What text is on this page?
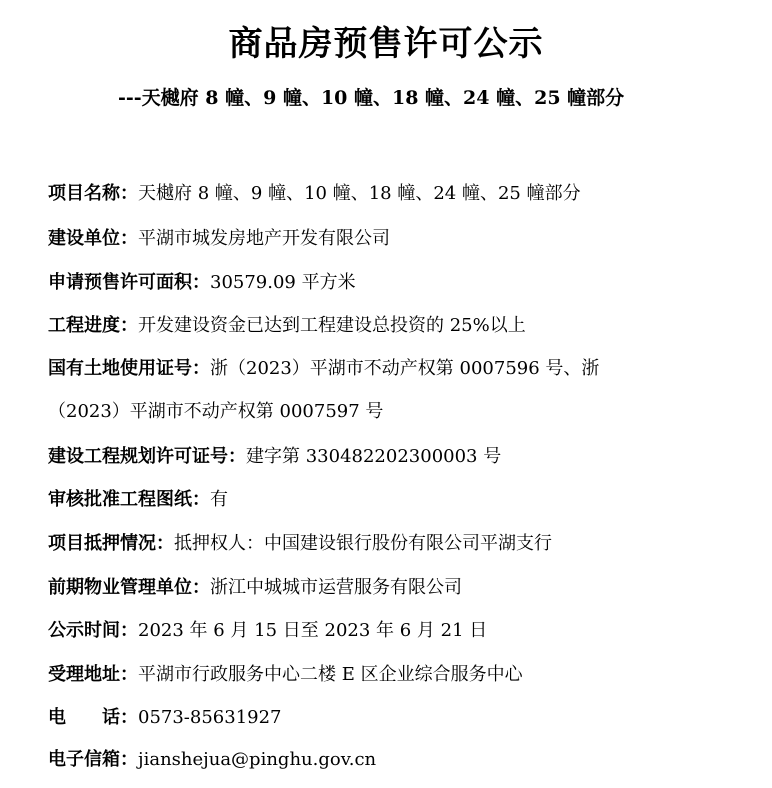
商品房预售许可公示
---天樾府 8 幢、9 幢、10 幢、18 幢、24 幢、25 幢部分
项目名称：天樾府 8 幢、9 幢、10 幢、18 幢、24 幢、25 幢部分
建设单位：平湖市城发房地产开发有限公司
申请预售许可面积：30579.09 平方米
工程进度：开发建设资金已达到工程建设总投资的 25%以上
国有土地使用证号：浙（2023）平湖市不动产权第 0007596 号、浙
（2023）平湖市不动产权第 0007597 号
建设工程规划许可证号：建字第 330482202300003 号
审核批准工程图纸：有
项目抵押情况：抵押权人：中国建设银行股份有限公司平湖支行
前期物业管理单位：浙江中城城市运营服务有限公司
公示时间：2023 年 6 月 15 日至 2023 年 6 月 21 日
受理地址：平湖市行政服务中心二楼 E 区企业综合服务中心
电　　话：0573-85631927
电子信箱：jianshejuа@pinghu.gov.cn
